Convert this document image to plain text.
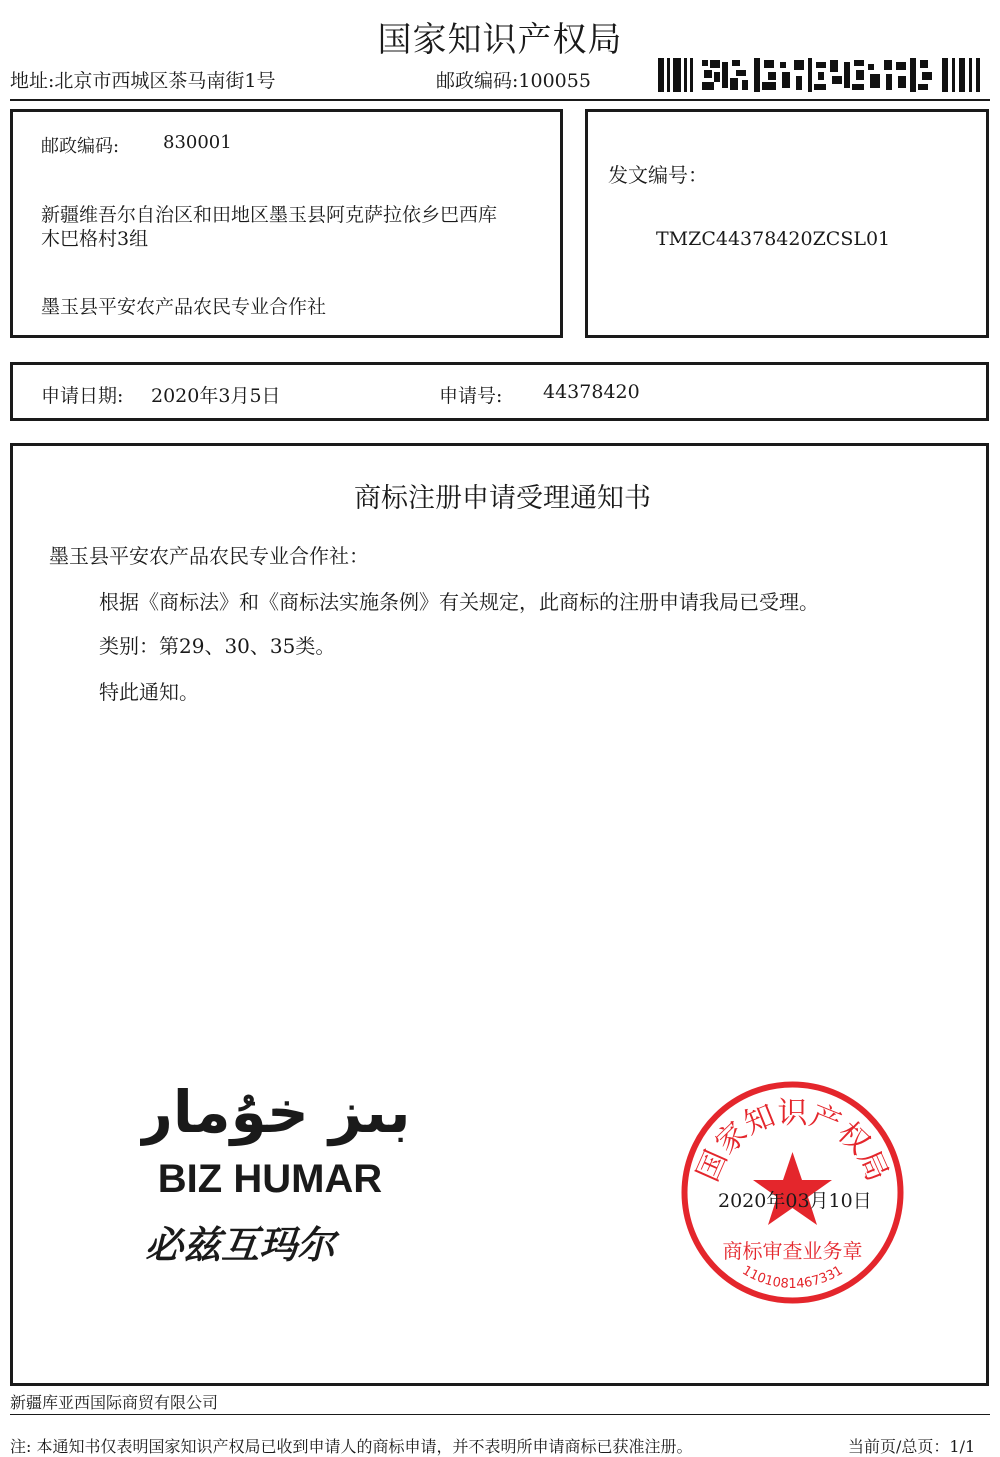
国家知识产权局
地址:北京市西城区茶马南街1号	邮政编码:100055
邮政编码: 830001
新疆维吾尔自治区和田地区墨玉县阿克萨拉依乡巴西库
木巴格村3组
墨玉县平安农产品农民专业合作社
发文编号：
TMZC44378420ZCSL01
申请日期: 2020年3月5日	申请号: 44378420
商标注册申请受理通知书
墨玉县平安农产品农民专业合作社：
根据《商标法》和《商标法实施条例》有关规定，此商标的注册申请我局已受理。
类别：第29、30、35类。
特此通知。
بىز خۇمار
BIZ HUMAR
必兹互玛尔
国家知识产权局
商标审查业务章
1101081467331
2020年03月10日
新疆库亚西国际商贸有限公司
注: 本通知书仅表明国家知识产权局已收到申请人的商标申请，并不表明所申请商标已获准注册。	当前页/总页：1/1
